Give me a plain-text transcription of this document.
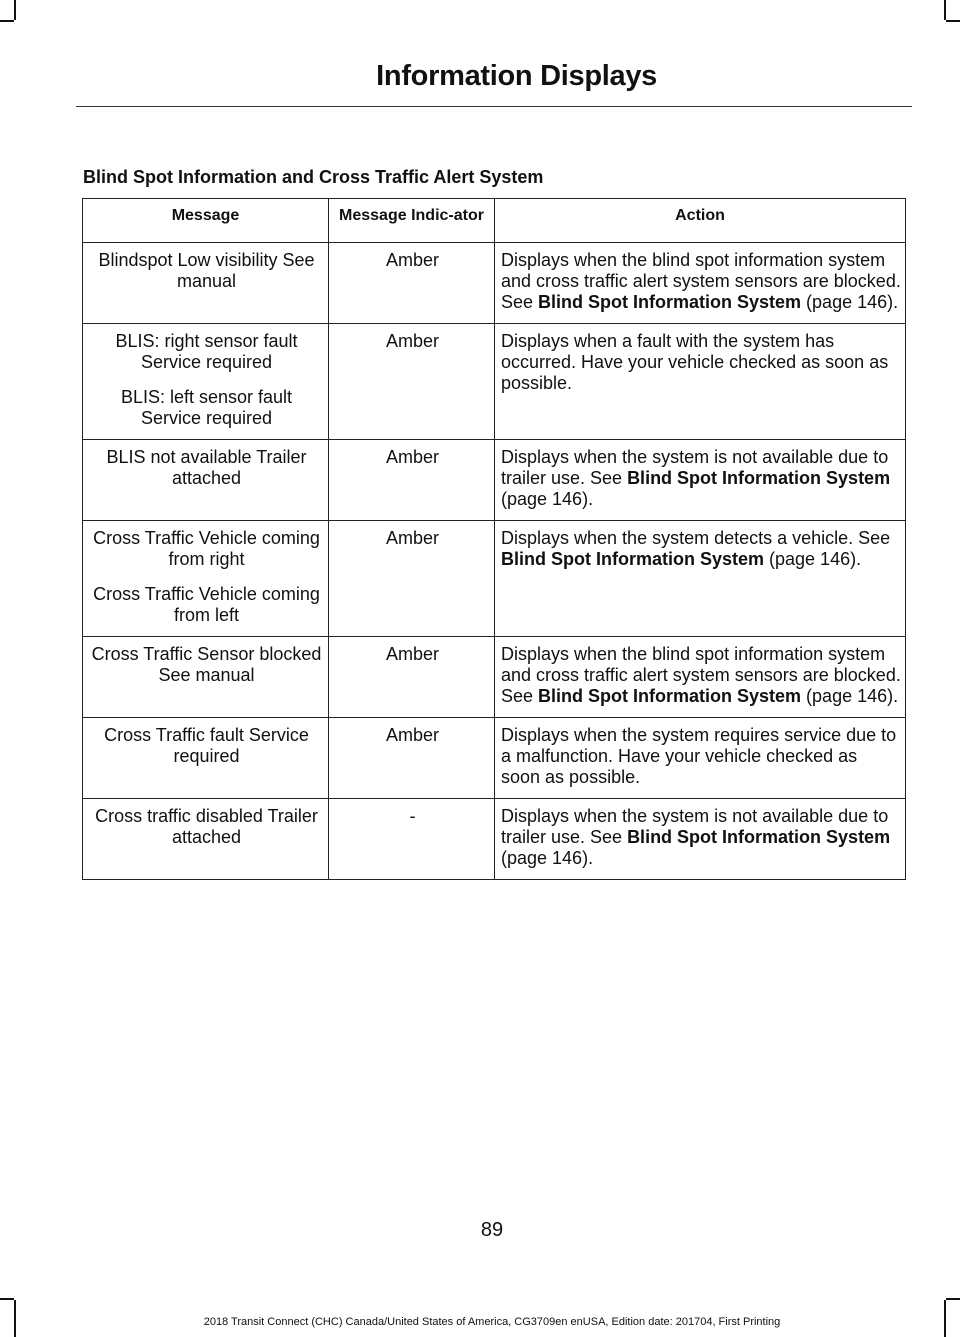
Information Displays
Blind Spot Information and Cross Traffic Alert System
Message	Message Indic-ator	Action

Blindspot Low visibility See manual	Amber	Displays when the blind spot information system and cross traffic alert system sensors are blocked. See Blind Spot Information System (page 146).

BLIS: right sensor fault Service required
BLIS: left sensor fault Service required	Amber	Displays when a fault with the system has occurred. Have your vehicle checked as soon as possible.

BLIS not available Trailer attached	Amber	Displays when the system is not available due to trailer use. See Blind Spot Information System (page 146).

Cross Traffic Vehicle coming from right
Cross Traffic Vehicle coming from left	Amber	Displays when the system detects a vehicle. See Blind Spot Information System (page 146).

Cross Traffic Sensor blocked See manual	Amber	Displays when the blind spot information system and cross traffic alert system sensors are blocked. See Blind Spot Information System (page 146).

Cross Traffic fault Service required	Amber	Displays when the system requires service due to a malfunction. Have your vehicle checked as soon as possible.

Cross traffic disabled Trailer attached	-	Displays when the system is not available due to trailer use. See Blind Spot Information System (page 146).
89
2018 Transit Connect (CHC) Canada/United States of America, CG3709en enUSA, Edition date: 201704, First Printing
